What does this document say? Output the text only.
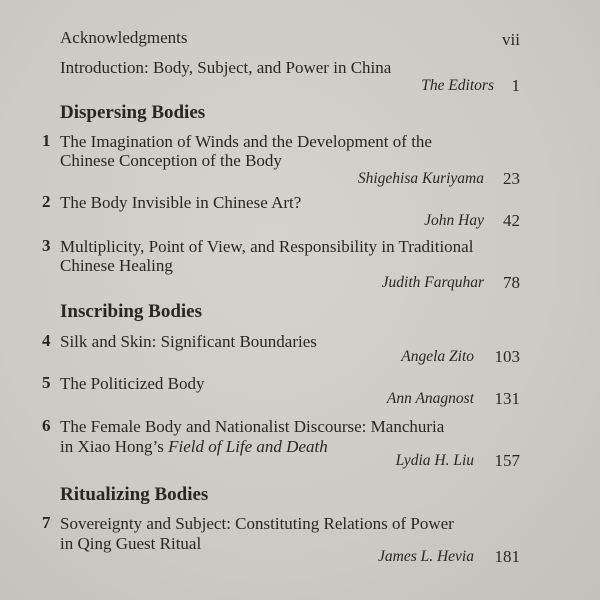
Acknowledgments	vii
Introduction: Body, Subject, and Power in China
The Editors 1
Dispersing Bodies
1 The Imagination of Winds and the Development of the
Chinese Conception of the Body
Shigehisa Kuriyama 23
2 The Body Invisible in Chinese Art?
John Hay 42
3 Multiplicity, Point of View, and Responsibility in Traditional
Chinese Healing
Judith Farquhar 78
Inscribing Bodies
4 Silk and Skin: Significant Boundaries
Angela Zito 103
5 The Politicized Body
Ann Anagnost 131
6 The Female Body and Nationalist Discourse: Manchuria
in Xiao Hong’s Field of Life and Death
Lydia H. Liu 157
Ritualizing Bodies
7 Sovereignty and Subject: Constituting Relations of Power
in Qing Guest Ritual
James L. Hevia 181
